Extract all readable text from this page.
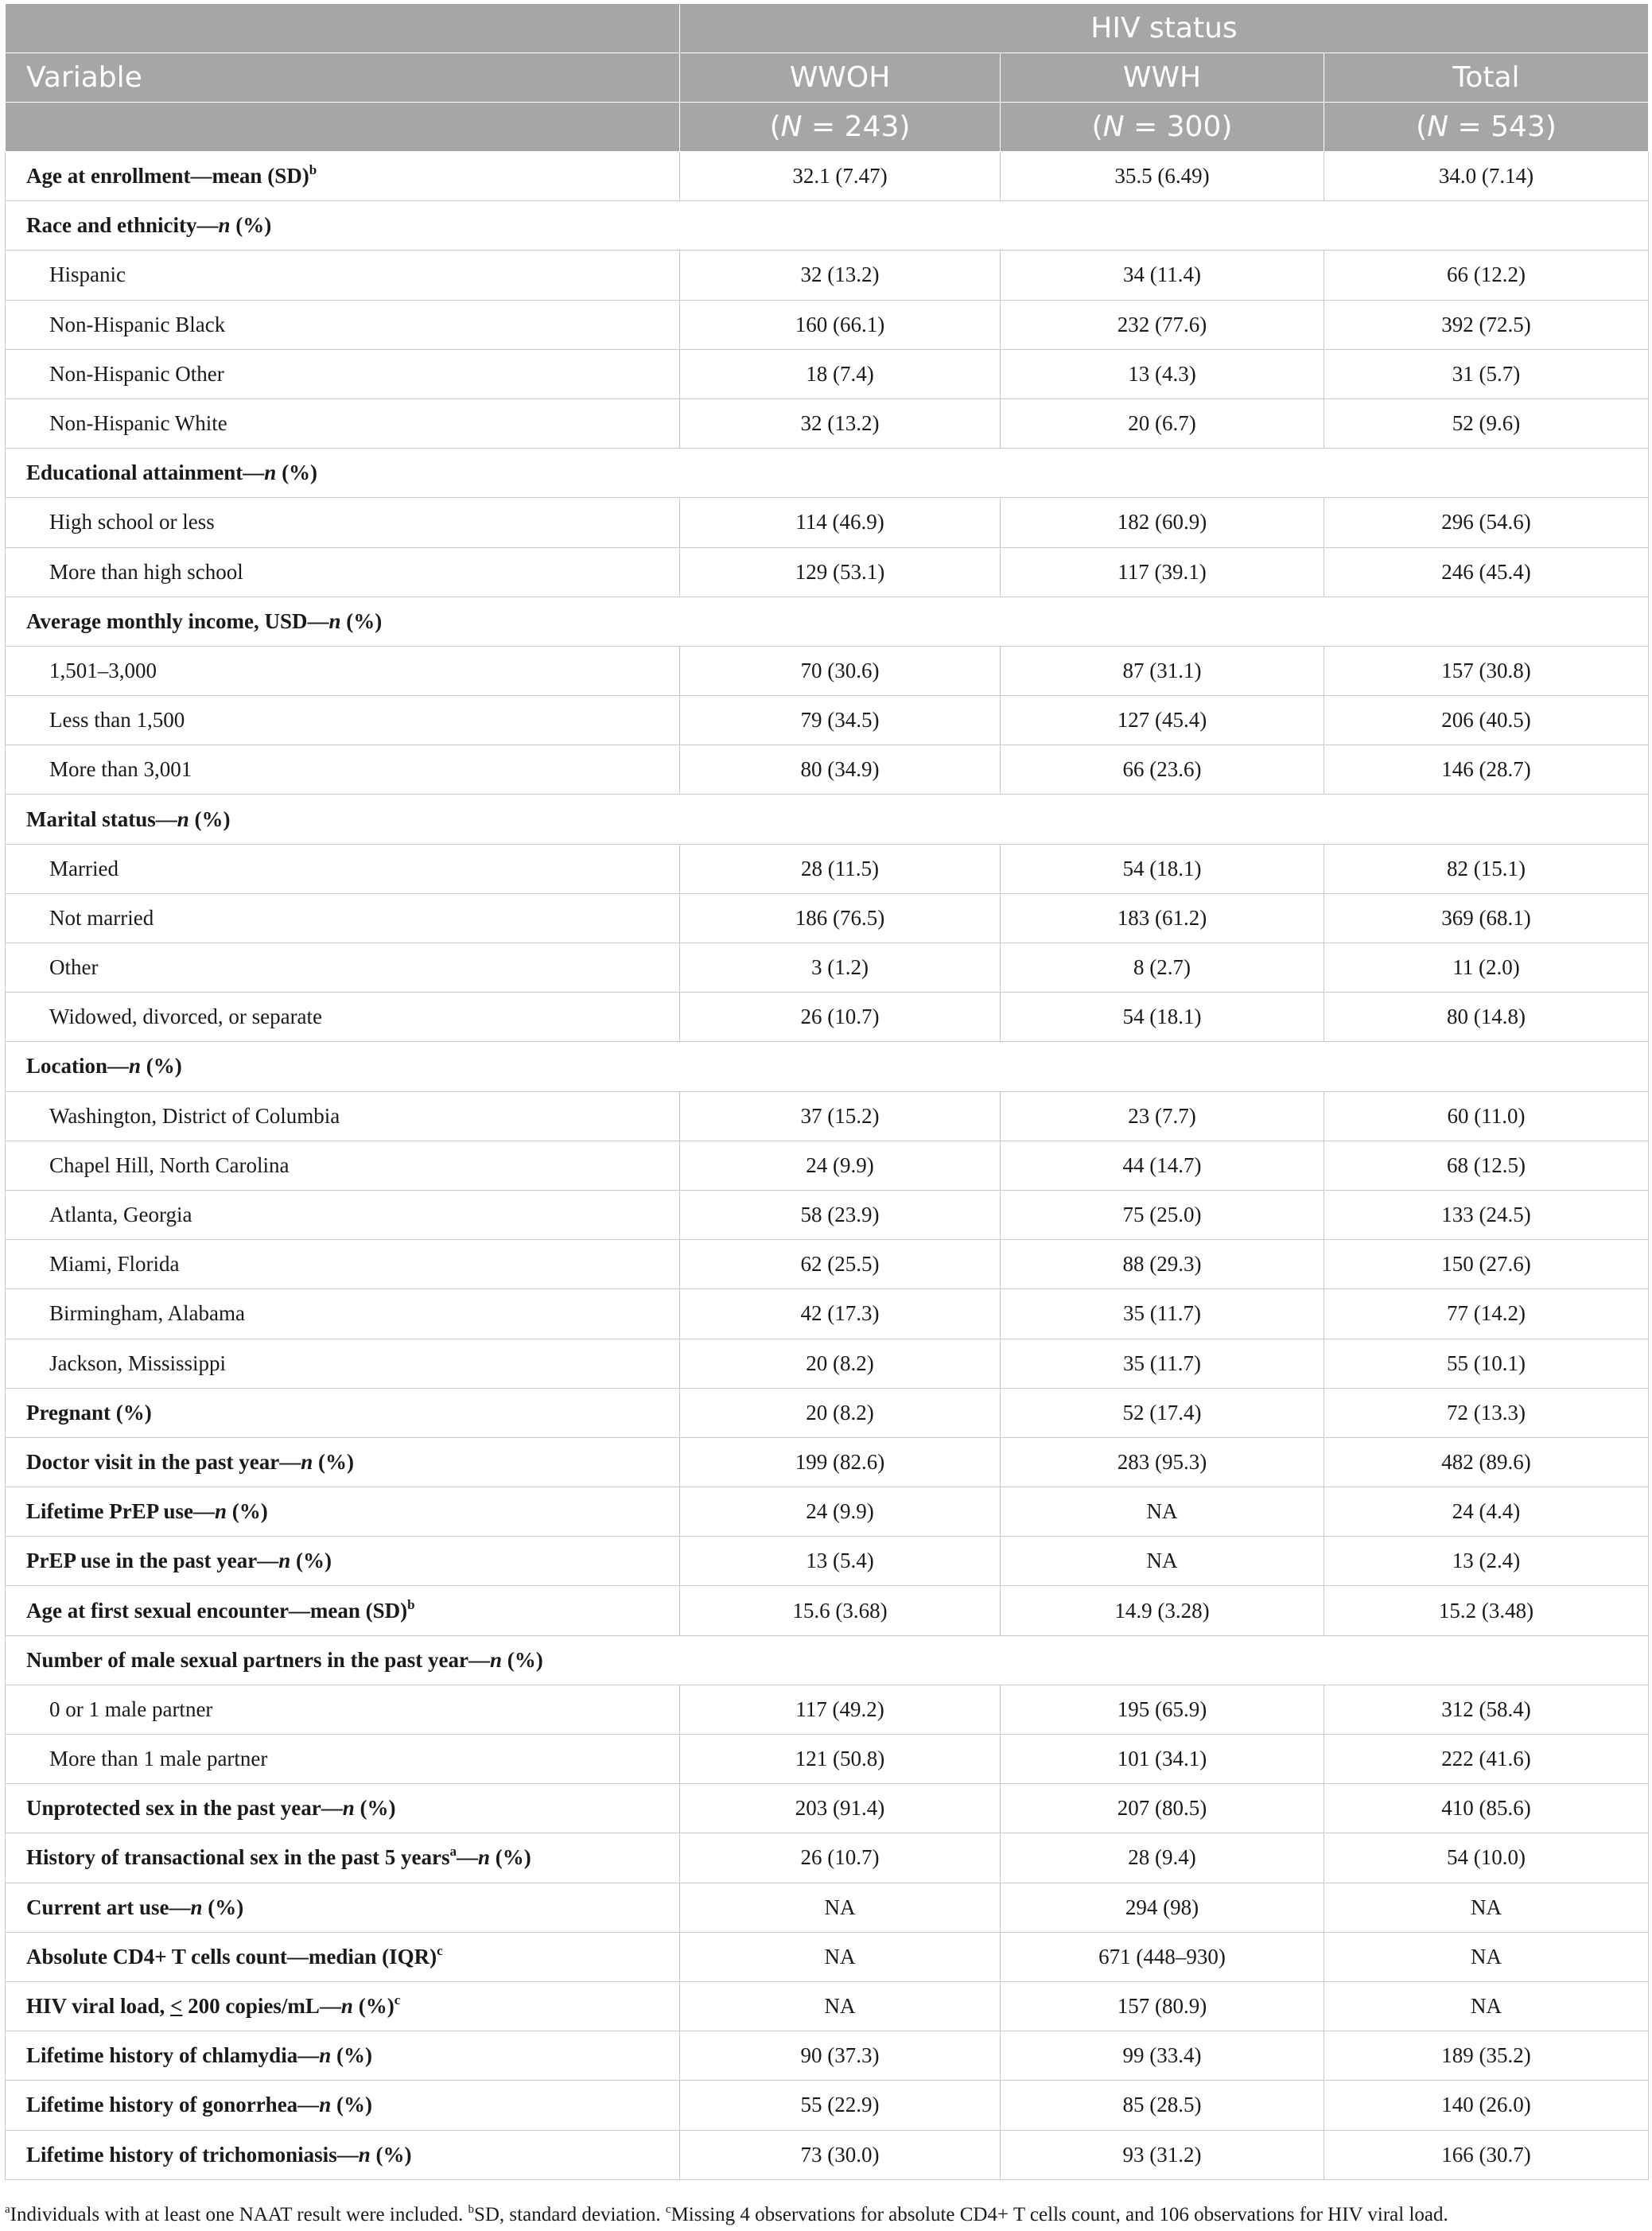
	HIV status		
Variable	WWOH	WWH	Total
	(N = 243)	(N = 300)	(N = 543)
Age at enrollment—mean (SD)$^b$	32.1 (7.47)	35.5 (6.49)	34.0 (7.14)
Race and ethnicity—n (%)			
Hispanic	32 (13.2)	34 (11.4)	66 (12.2)
Non-Hispanic Black	160 (66.1)	232 (77.6)	392 (72.5)
Non-Hispanic Other	18 (7.4)	13 (4.3)	31 (5.7)
Non-Hispanic White	32 (13.2)	20 (6.7)	52 (9.6)
Educational attainment—n (%)			
High school or less	114 (46.9)	182 (60.9)	296 (54.6)
More than high school	129 (53.1)	117 (39.1)	246 (45.4)
Average monthly income, USD—n (%)			
1,501–3,000	70 (30.6)	87 (31.1)	157 (30.8)
Less than 1,500	79 (34.5)	127 (45.4)	206 (40.5)
More than 3,001	80 (34.9)	66 (23.6)	146 (28.7)
Marital status—n (%)			
Married	28 (11.5)	54 (18.1)	82 (15.1)
Not married	186 (76.5)	183 (61.2)	369 (68.1)
Other	3 (1.2)	8 (2.7)	11 (2.0)
Widowed, divorced, or separate	26 (10.7)	54 (18.1)	80 (14.8)
Location—n (%)			
Washington, District of Columbia	37 (15.2)	23 (7.7)	60 (11.0)
Chapel Hill, North Carolina	24 (9.9)	44 (14.7)	68 (12.5)
Atlanta, Georgia	58 (23.9)	75 (25.0)	133 (24.5)
Miami, Florida	62 (25.5)	88 (29.3)	150 (27.6)
Birmingham, Alabama	42 (17.3)	35 (11.7)	77 (14.2)
Jackson, Mississippi	20 (8.2)	35 (11.7)	55 (10.1)
Pregnant (%)	20 (8.2)	52 (17.4)	72 (13.3)
Doctor visit in the past year—n (%)	199 (82.6)	283 (95.3)	482 (89.6)
Lifetime PrEP use—n (%)	24 (9.9)	NA	24 (4.4)
PrEP use in the past year—n (%)	13 (5.4)	NA	13 (2.4)
Age at first sexual encounter—mean (SD)$^b$	15.6 (3.68)	14.9 (3.28)	15.2 (3.48)
Number of male sexual partners in the past year—n (%)			
0 or 1 male partner	117 (49.2)	195 (65.9)	312 (58.4)
More than 1 male partner	121 (50.8)	101 (34.1)	222 (41.6)
Unprotected sex in the past year—n (%)	203 (91.4)	207 (80.5)	410 (85.6)
History of transactional sex in the past 5 years$^a$—n (%)	26 (10.7)	28 (9.4)	54 (10.0)
Current art use—n (%)	NA	294 (98)	NA
Absolute CD4+ T cells count—median (IQR)$^c$	NA	671 (448–930)	NA
HIV viral load, < 200 copies/mL—n (%)$^c$	NA	157 (80.9)	NA
Lifetime history of chlamydia—n (%)	90 (37.3)	99 (33.4)	189 (35.2)
Lifetime history of gonorrhea—n (%)	55 (22.9)	85 (28.5)	140 (26.0)
Lifetime history of trichomoniasis—n (%)	73 (30.0)	93 (31.2)	166 (30.7)
$^a$Individuals with at least one NAAT result were included. $^b$SD, standard deviation. $^c$Missing 4 observations for absolute CD4+ T cells count, and 106 observations for HIV viral load.
